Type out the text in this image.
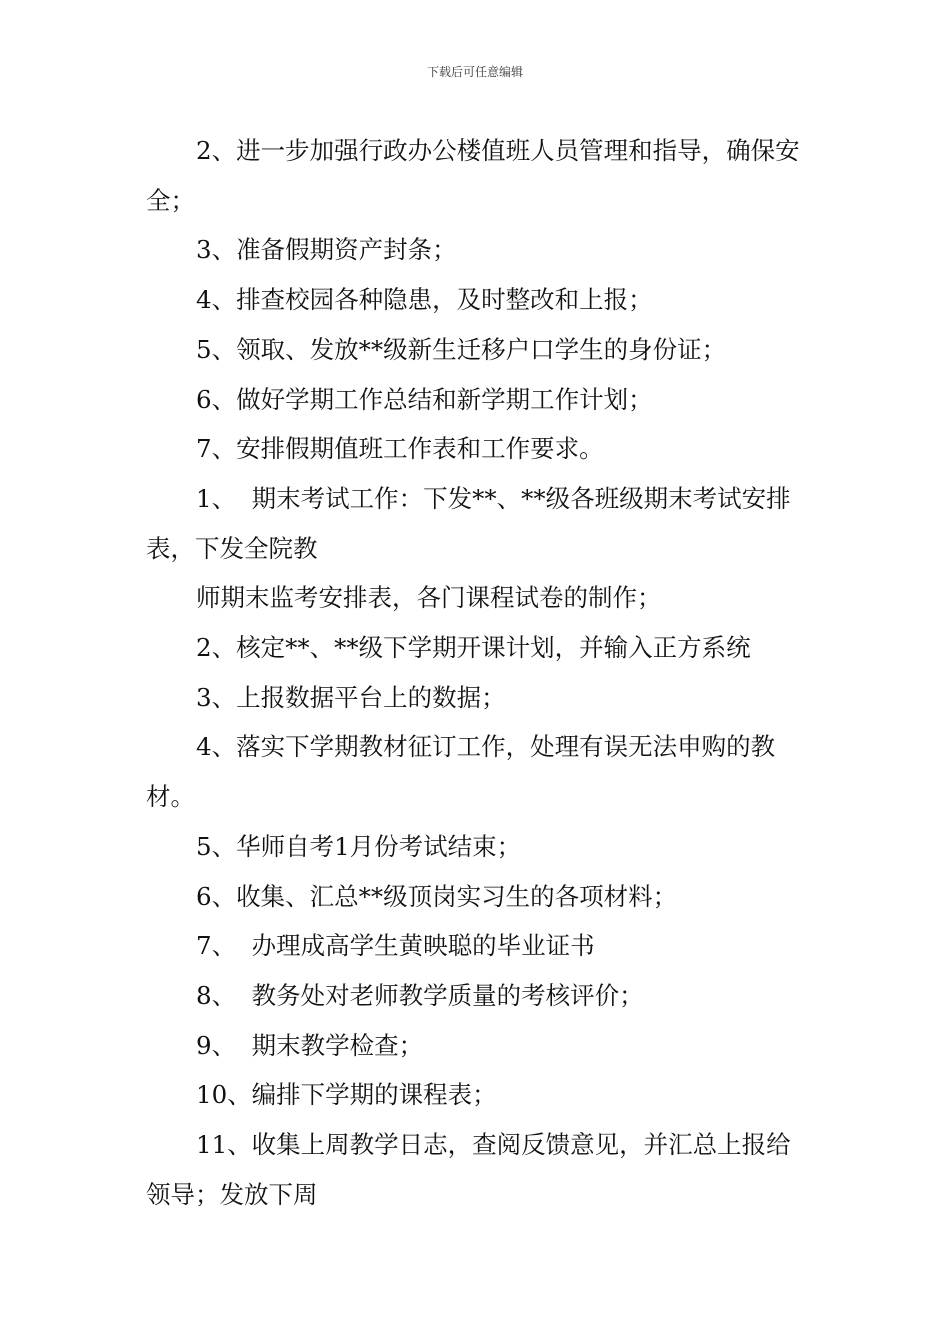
下载后可任意编辑

2、进一步加强行政办公楼值班人员管理和指导，确保安全；

3、准备假期资产封条；

4、排查校园各种隐患，及时整改和上报；

5、领取、发放**级新生迁移户口学生的身份证；

6、做好学期工作总结和新学期工作计划；

7、安排假期值班工作表和工作要求。

1、  期末考试工作：下发**、**级各班级期末考试安排表，下发全院教

师期末监考安排表，各门课程试卷的制作；

2、核定**、**级下学期开课计划，并输入正方系统

3、上报数据平台上的数据；

4、落实下学期教材征订工作，处理有误无法申购的教材。

5、华师自考1月份考试结束；

6、收集、汇总**级顶岗实习生的各项材料；

7、  办理成高学生黄映聪的毕业证书

8、  教务处对老师教学质量的考核评价；

9、  期末教学检查；

10、编排下学期的课程表；

11、收集上周教学日志，查阅反馈意见，并汇总上报给领导；发放下周
